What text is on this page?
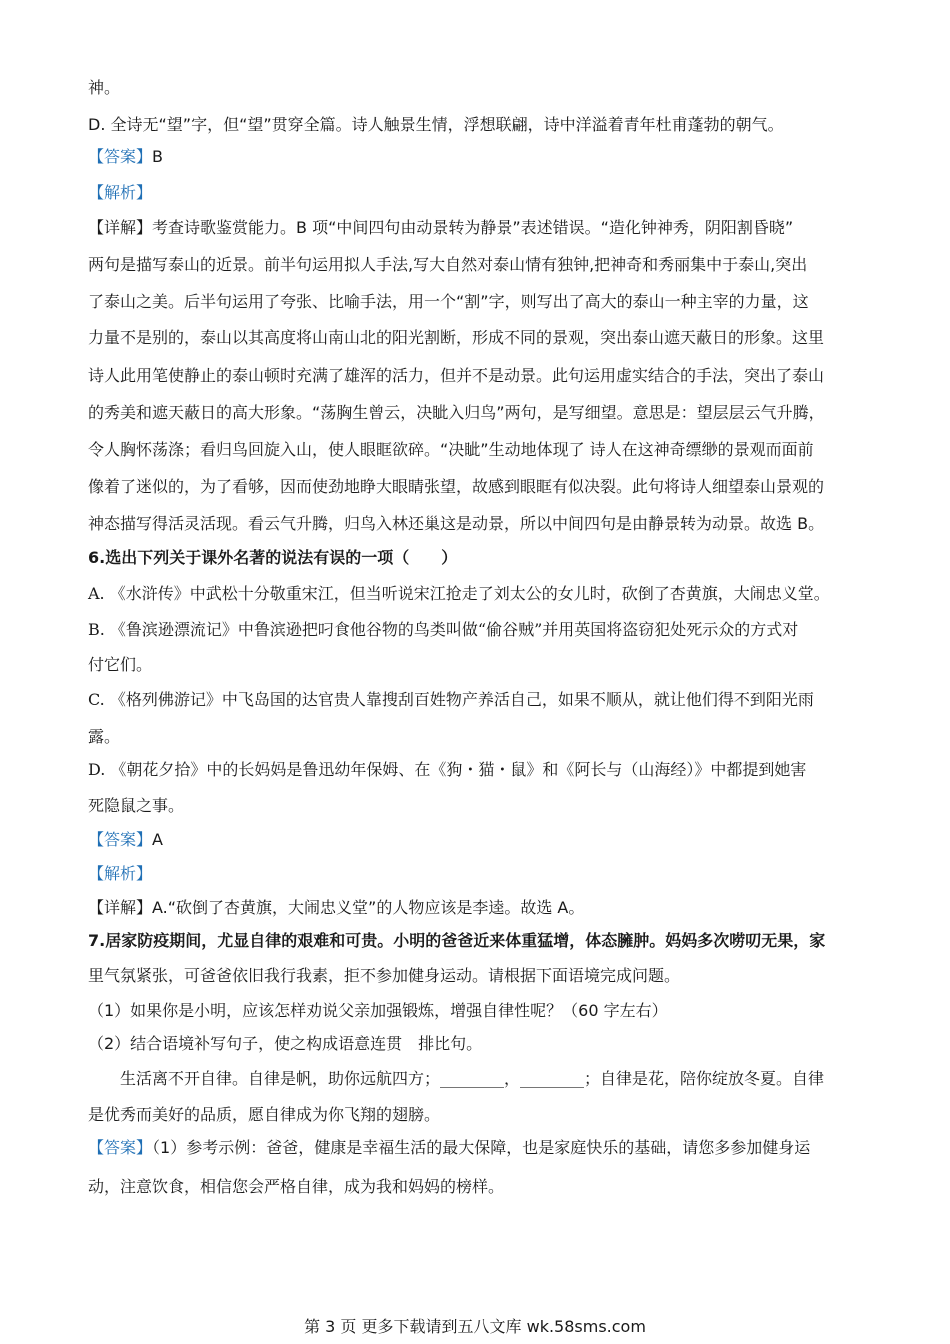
神。
D. 全诗无“望”字，但“望”贯穿全篇。诗人触景生情，浮想联翩，诗中洋溢着青年杜甫蓬勃的朝气。
【答案】B
【解析】
【详解】考查诗歌鉴赏能力。B 项“中间四句由动景转为静景”表述错误。“造化钟神秀，阴阳割昏晓”
两句是描写泰山的近景。前半句运用拟人手法,写大自然对泰山情有独钟,把神奇和秀丽集中于泰山,突出
了泰山之美。后半句运用了夸张、比喻手法，用一个“割”字，则写出了高大的泰山一种主宰的力量，这
力量不是别的，泰山以其高度将山南山北的阳光割断，形成不同的景观，突出泰山遮天蔽日的形象。这里
诗人此用笔使静止的泰山顿时充满了雄浑的活力，但并不是动景。此句运用虚实结合的手法，突出了泰山
的秀美和遮天蔽日的高大形象。“荡胸生曾云，决眦入归鸟”两句，是写细望。意思是：望层层云气升腾，
令人胸怀荡涤；看归鸟回旋入山，使人眼眶欲碎。“决眦”生动地体现了 诗人在这神奇缥缈的景观而面前
像着了迷似的，为了看够，因而使劲地睁大眼睛张望，故感到眼眶有似决裂。此句将诗人细望泰山景观的
神态描写得活灵活现。看云气升腾，归鸟入林还巢这是动景，所以中间四句是由静景转为动景。故选 B。
6.选出下列关于课外名著的说法有误的一项（　　）
A. 《水浒传》中武松十分敬重宋江，但当听说宋江抢走了刘太公的女儿时，砍倒了杏黄旗，大闹忠义堂。
B. 《鲁滨逊漂流记》中鲁滨逊把叼食他谷物的鸟类叫做“偷谷贼”并用英国将盗窃犯处死示众的方式对
付它们。
C. 《格列佛游记》中飞岛国的达官贵人靠搜刮百姓物产养活自己，如果不顺从，就让他们得不到阳光雨
露。
D. 《朝花夕拾》中的长妈妈是鲁迅幼年保姆、在《狗・猫・鼠》和《阿长与（山海经）》中都提到她害
死隐鼠之事。
【答案】A
【解析】
【详解】A.“砍倒了杏黄旗，大闹忠义堂”的人物应该是李逵。故选 A。
7.居家防疫期间，尤显自律的艰难和可贵。小明的爸爸近来体重猛增，体态臃肿。妈妈多次唠叨无果，家
里气氛紧张，可爸爸依旧我行我素，拒不参加健身运动。请根据下面语境完成问题。
（1）如果你是小明，应该怎样劝说父亲加强锻炼，增强自律性呢？（60 字左右）
（2）结合语境补写句子，使之构成语意连贯　排比句。
生活离不开自律。自律是帆，助你远航四方；________，________；自律是花，陪你绽放冬夏。自律
是优秀而美好的品质，愿自律成为你飞翔的翅膀。
【答案】（1）参考示例：爸爸，健康是幸福生活的最大保障，也是家庭快乐的基础，请您多参加健身运
动，注意饮食，相信您会严格自律，成为我和妈妈的榜样。
第 3 页 更多下载请到五八文库 wk.58sms.com
